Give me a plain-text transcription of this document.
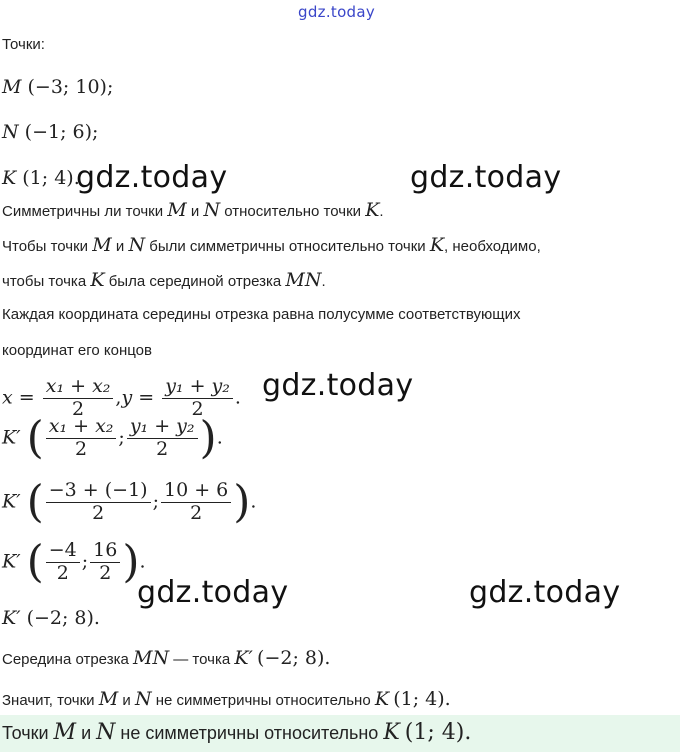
gdz.today
Точки:
M (−3; 10);
N (−1; 6);
K (1; 4).
gdz.today	gdz.today
Симметричны ли точки M и N относительно точки K.
Чтобы точки M и N были симметричны относительно точки K, необходимо,
чтобы точка K была серединой отрезка MN.
Каждая координата середины отрезка равна полусумме соответствующих
координат его концов
$x = \frac{\text{x₁ + x₂}}{2} ,y = \frac{\text{y₁ + y₂}}{2}$ . gdz.today
K′ ( $\frac{\text{x₁ + x₂}}{2}$ ; $\frac{\text{y₁ + y₂}}{2}$ ).
K′ ( $\frac{-3 + (-1)}{2}$ ; $\frac{10 + 6}{2}$ ).
K′ ( $\frac{-4}{2}$ ; $\frac{16}{2}$ ).
gdz.today	gdz.today
K′ (−2; 8).
Середина отрезка MN — точка K′ (−2; 8).
Значит, точки M и N не симметричны относительно K (1; 4).
Точки M и N не симметричны относительно K (1; 4).
